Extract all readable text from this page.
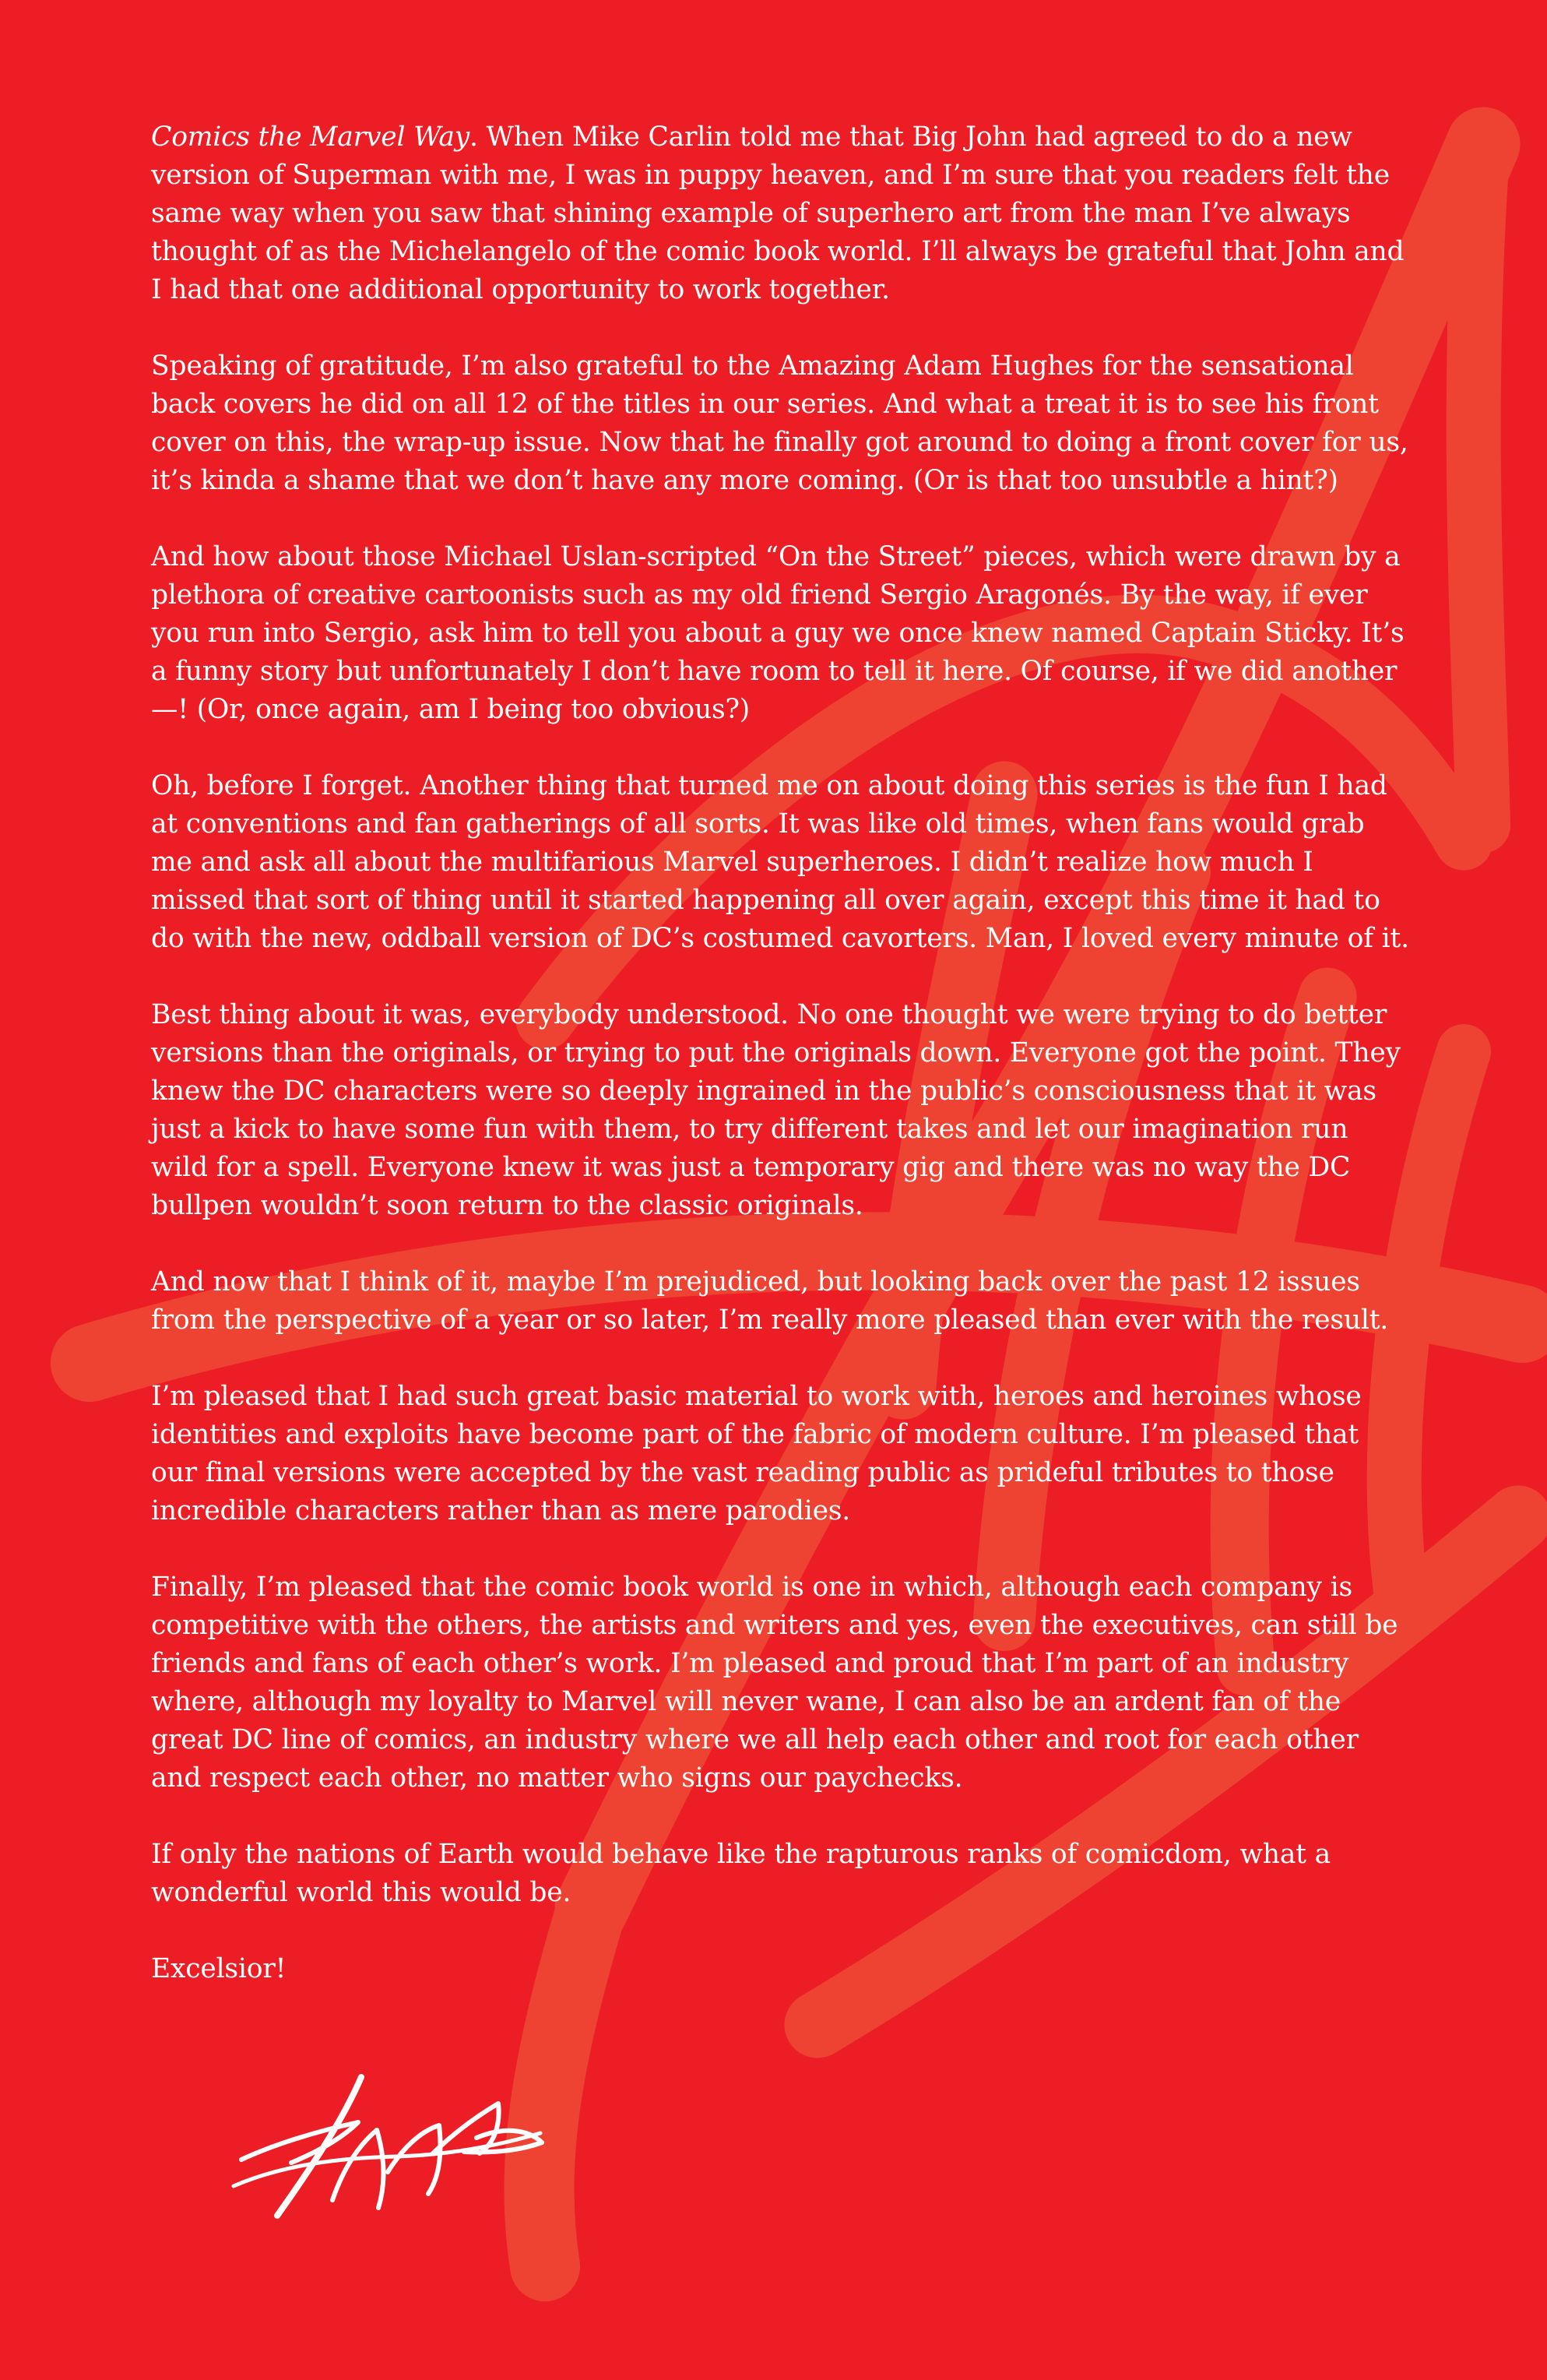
Comics the Marvel Way. When Mike Carlin told me that Big John had agreed to do a new version of Superman with me, I was in puppy heaven, and I’m sure that you readers felt the same way when you saw that shining example of superhero art from the man I’ve always thought of as the Michelangelo of the comic book world. I’ll always be grateful that John and I had that one additional opportunity to work together.

Speaking of gratitude, I’m also grateful to the Amazing Adam Hughes for the sensational back covers he did on all 12 of the titles in our series. And what a treat it is to see his front cover on this, the wrap-up issue. Now that he finally got around to doing a front cover for us, it’s kinda a shame that we don’t have any more coming. (Or is that too unsubtle a hint?)

And how about those Michael Uslan-scripted “On the Street” pieces, which were drawn by a plethora of creative cartoonists such as my old friend Sergio Aragonés. By the way, if ever you run into Sergio, ask him to tell you about a guy we once knew named Captain Sticky. It’s a funny story but unfortunately I don’t have room to tell it here. Of course, if we did another—! (Or, once again, am I being too obvious?)

Oh, before I forget. Another thing that turned me on about doing this series is the fun I had at conventions and fan gatherings of all sorts. It was like old times, when fans would grab me and ask all about the multifarious Marvel superheroes. I didn’t realize how much I missed that sort of thing until it started happening all over again, except this time it had to do with the new, oddball version of DC’s costumed cavorters. Man, I loved every minute of it.

Best thing about it was, everybody understood. No one thought we were trying to do better versions than the originals, or trying to put the originals down. Everyone got the point. They knew the DC characters were so deeply ingrained in the public’s consciousness that it was just a kick to have some fun with them, to try different takes and let our imagination run wild for a spell. Everyone knew it was just a temporary gig and there was no way the DC bullpen wouldn’t soon return to the classic originals.

And now that I think of it, maybe I’m prejudiced, but looking back over the past 12 issues from the perspective of a year or so later, I’m really more pleased than ever with the result.

I’m pleased that I had such great basic material to work with, heroes and heroines whose identities and exploits have become part of the fabric of modern culture. I’m pleased that our final versions were accepted by the vast reading public as prideful tributes to those incredible characters rather than as mere parodies.

Finally, I’m pleased that the comic book world is one in which, although each company is competitive with the others, the artists and writers and yes, even the executives, can still be friends and fans of each other’s work. I’m pleased and proud that I’m part of an industry where, although my loyalty to Marvel will never wane, I can also be an ardent fan of the great DC line of comics, an industry where we all help each other and root for each other and respect each other, no matter who signs our paychecks.

If only the nations of Earth would behave like the rapturous ranks of comicdom, what a wonderful world this would be.

Excelsior!
